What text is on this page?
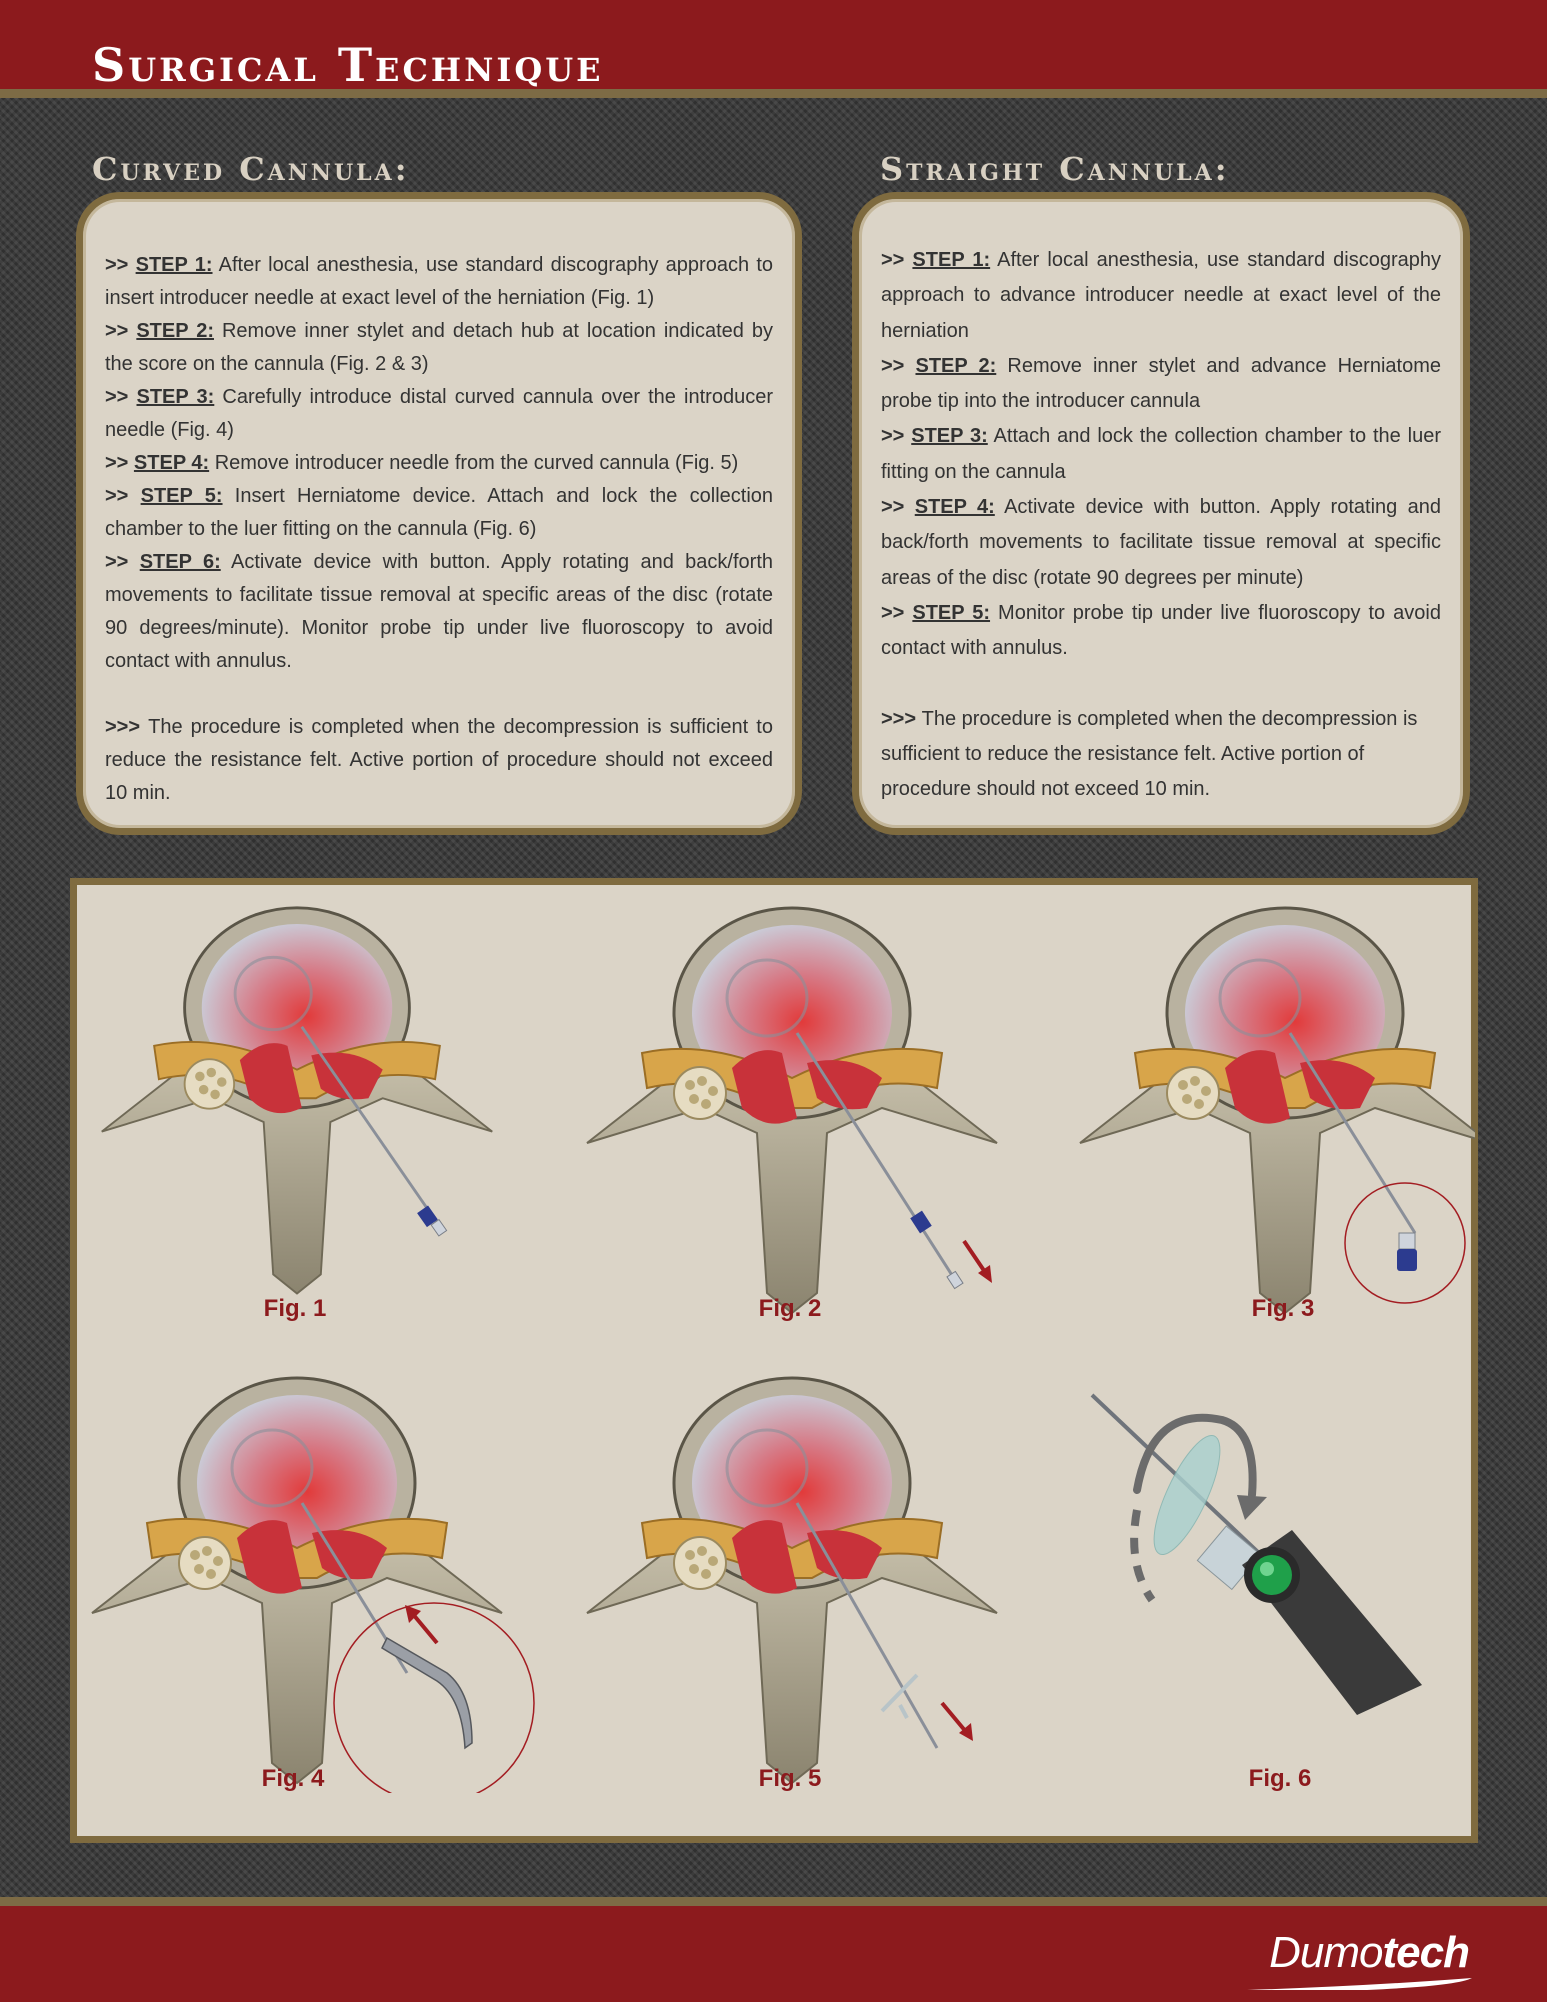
Surgical Technique
Curved Cannula:

>> STEP 1: After local anesthesia, use standard discography approach to insert introducer needle at exact level of the herniation (Fig. 1)

>> STEP 2: Remove inner stylet and detach hub at location indicated by the score on the cannula (Fig. 2 & 3)

>> STEP 3: Carefully introduce distal curved cannula over the introducer needle (Fig. 4)

>> STEP 4: Remove introducer needle from the curved cannula (Fig. 5)

>> STEP 5: Insert Herniatome device. Attach and lock the collection chamber to the luer fitting on the cannula (Fig. 6)

>> STEP 6: Activate device with button. Apply rotating and back/forth movements to facilitate tissue removal at specific areas of the disc (rotate 90 degrees/minute). Monitor probe tip under live fluoroscopy to avoid contact with annulus.

>>> The procedure is completed when the decompression is sufficient to reduce the resistance felt. Active portion of procedure should not exceed 10 min.

Straight Cannula:

>> STEP 1: After local anesthesia, use standard discography approach to advance introducer needle at exact level of the herniation

>> STEP 2: Remove inner stylet and advance Herniatome probe tip into the introducer cannula

>> STEP 3: Attach and lock the collection chamber to the luer fitting on the cannula

>> STEP 4: Activate device with button. Apply rotating and back/forth movements to facilitate tissue removal at specific areas of the disc (rotate 90 degrees per minute)

>> STEP 5: Monitor probe tip under live fluoroscopy to avoid contact with annulus.

>>> The procedure is completed when the decompression is sufficient to reduce the resistance felt. Active portion of procedure should not exceed 10 min.

Fig. 1	Fig. 2	Fig. 3
Fig. 4	Fig. 5	Fig. 6
Dumotech
